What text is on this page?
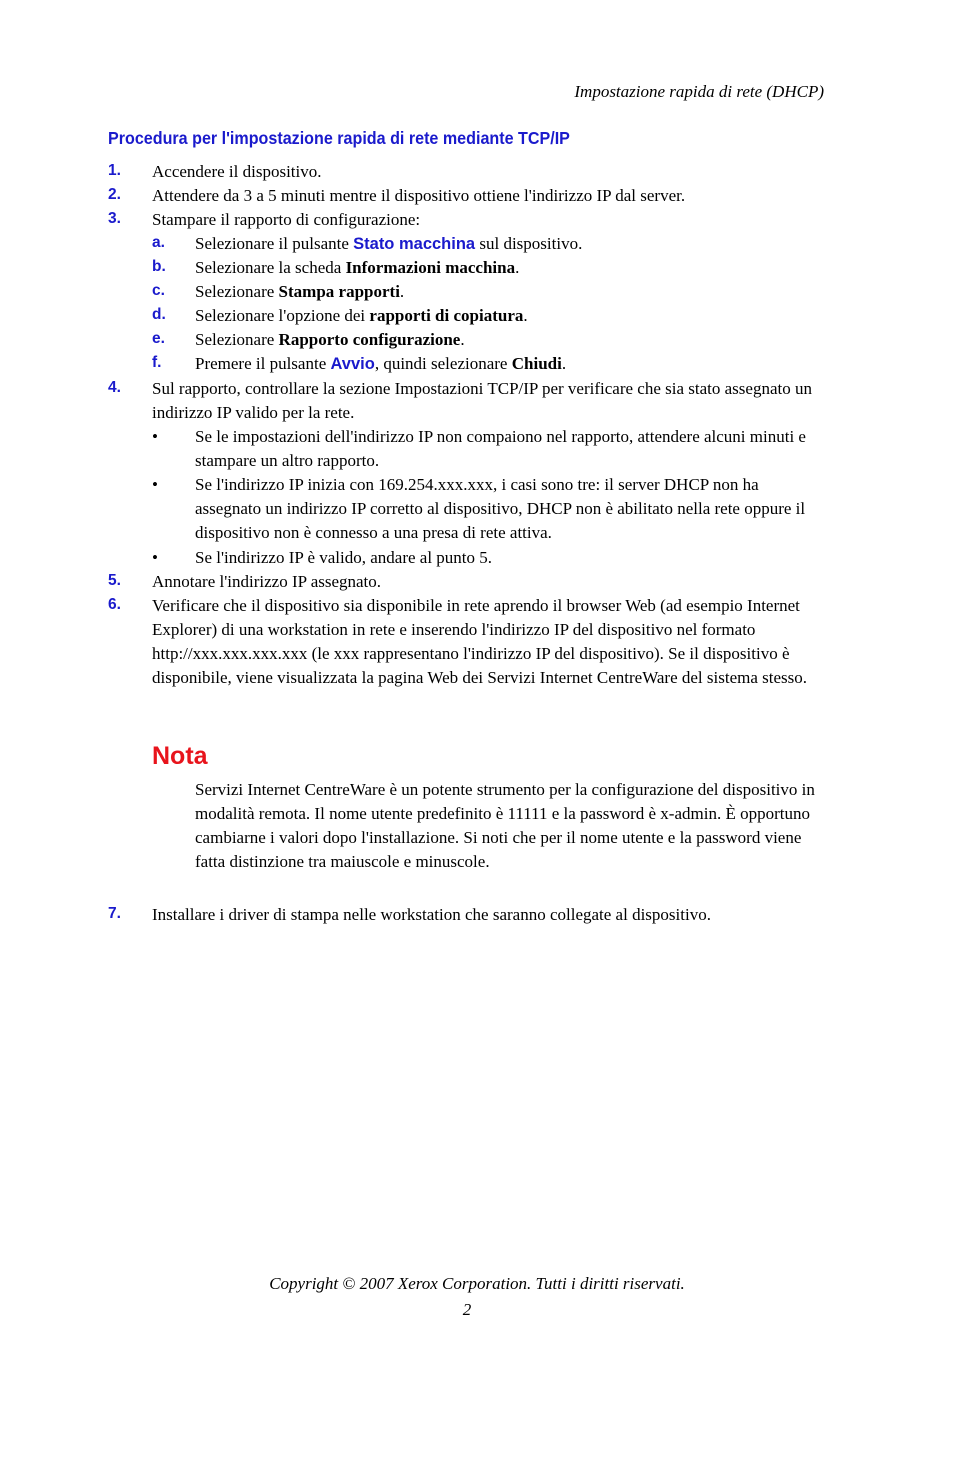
Impostazione rapida di rete (DHCP)
Procedura per l'impostazione rapida di rete mediante TCP/IP
1. Accendere il dispositivo.
2. Attendere da 3 a 5 minuti mentre il dispositivo ottiene l'indirizzo IP dal server.
3. Stampare il rapporto di configurazione:
a. Selezionare il pulsante Stato macchina sul dispositivo.
b. Selezionare la scheda Informazioni macchina.
c. Selezionare Stampa rapporti.
d. Selezionare l'opzione dei rapporti di copiatura.
e. Selezionare Rapporto configurazione.
f. Premere il pulsante Avvio, quindi selezionare Chiudi.
4. Sul rapporto, controllare la sezione Impostazioni TCP/IP per verificare che sia stato assegnato un indirizzo IP valido per la rete.
• Se le impostazioni dell'indirizzo IP non compaiono nel rapporto, attendere alcuni minuti e stampare un altro rapporto.
• Se l'indirizzo IP inizia con 169.254.xxx.xxx, i casi sono tre: il server DHCP non ha assegnato un indirizzo IP corretto al dispositivo, DHCP non è abilitato nella rete oppure il dispositivo non è connesso a una presa di rete attiva.
• Se l'indirizzo IP è valido, andare al punto 5.
5. Annotare l'indirizzo IP assegnato.
6. Verificare che il dispositivo sia disponibile in rete aprendo il browser Web (ad esempio Internet Explorer) di una workstation in rete e inserendo l'indirizzo IP del dispositivo nel formato http://xxx.xxx.xxx.xxx (le xxx rappresentano l'indirizzo IP del dispositivo). Se il dispositivo è disponibile, viene visualizzata la pagina Web dei Servizi Internet CentreWare del sistema stesso.
Nota
Servizi Internet CentreWare è un potente strumento per la configurazione del dispositivo in modalità remota. Il nome utente predefinito è 11111 e la password è x-admin. È opportuno cambiarne i valori dopo l'installazione. Si noti che per il nome utente e la password viene fatta distinzione tra maiuscole e minuscole.
7. Installare i driver di stampa nelle workstation che saranno collegate al dispositivo.
Copyright © 2007 Xerox Corporation. Tutti i diritti riservati.
2
